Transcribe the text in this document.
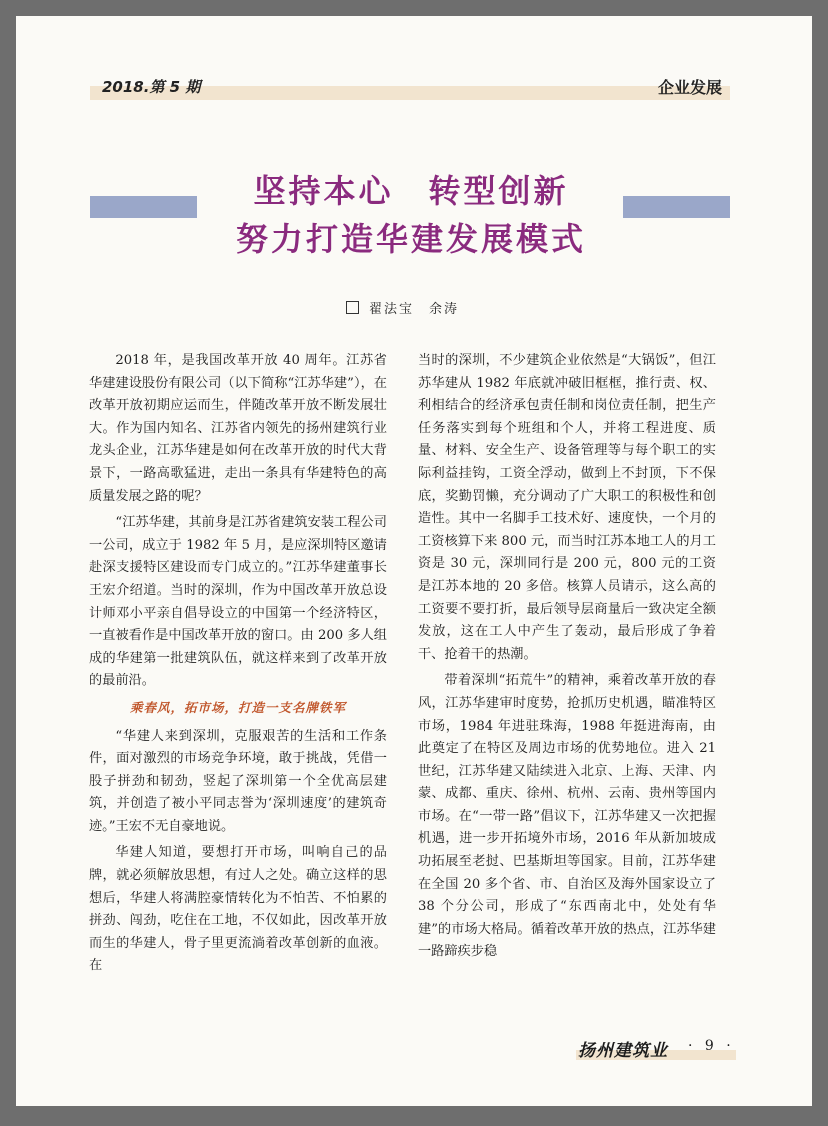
2018.第 5 期	企业发展
坚持本心　转型创新
努力打造华建发展模式
翟法宝　余涛

2018 年，是我国改革开放 40 周年。江苏省华建建设股份有限公司（以下简称“江苏华建”），在改革开放初期应运而生，伴随改革开放不断发展壮大。作为国内知名、江苏省内领先的扬州建筑行业龙头企业，江苏华建是如何在改革开放的时代大背景下，一路高歌猛进，走出一条具有华建特色的高质量发展之路的呢？

“江苏华建，其前身是江苏省建筑安装工程公司一公司，成立于 1982 年 5 月，是应深圳特区邀请赴深支援特区建设而专门成立的。”江苏华建董事长王宏介绍道。当时的深圳，作为中国改革开放总设计师邓小平亲自倡导设立的中国第一个经济特区，一直被看作是中国改革开放的窗口。由 200 多人组成的华建第一批建筑队伍，就这样来到了改革开放的最前沿。

乘春风，拓市场，打造一支名牌铁军

“华建人来到深圳，克服艰苦的生活和工作条件，面对激烈的市场竞争环境，敢于挑战，凭借一股子拼劲和韧劲，竖起了深圳第一个全优高层建筑，并创造了被小平同志誉为‘深圳速度’的建筑奇迹。”王宏不无自豪地说。

华建人知道，要想打开市场，叫响自己的品牌，就必须解放思想，有过人之处。确立这样的思想后，华建人将满腔豪情转化为不怕苦、不怕累的拼劲、闯劲，吃住在工地，不仅如此，因改革开放而生的华建人，骨子里更流淌着改革创新的血液。在

当时的深圳，不少建筑企业依然是“大锅饭”，但江苏华建从 1982 年底就冲破旧框框，推行责、权、利相结合的经济承包责任制和岗位责任制，把生产任务落实到每个班组和个人，并将工程进度、质量、材料、安全生产、设备管理等与每个职工的实际利益挂钩，工资全浮动，做到上不封顶，下不保底，奖勤罚懒，充分调动了广大职工的积极性和创造性。其中一名脚手工技术好、速度快，一个月的工资核算下来 800 元，而当时江苏本地工人的月工资是 30 元，深圳同行是 200 元，800 元的工资是江苏本地的 20 多倍。核算人员请示，这么高的工资要不要打折，最后领导层商量后一致决定全额发放，这在工人中产生了轰动，最后形成了争着干、抢着干的热潮。

带着深圳“拓荒牛”的精神，乘着改革开放的春风，江苏华建审时度势，抢抓历史机遇，瞄准特区市场，1984 年进驻珠海，1988 年挺进海南，由此奠定了在特区及周边市场的优势地位。进入 21 世纪，江苏华建又陆续进入北京、上海、天津、内蒙、成都、重庆、徐州、杭州、云南、贵州等国内市场。在“一带一路”倡议下，江苏华建又一次把握机遇，进一步开拓境外市场，2016 年从新加坡成功拓展至老挝、巴基斯坦等国家。目前，江苏华建在全国 20 多个省、市、自治区及海外国家设立了 38 个分公司，形成了“东西南北中，处处有华建”的市场大格局。循着改革开放的热点，江苏华建一路蹄疾步稳

扬州建筑业 · 9 ·
